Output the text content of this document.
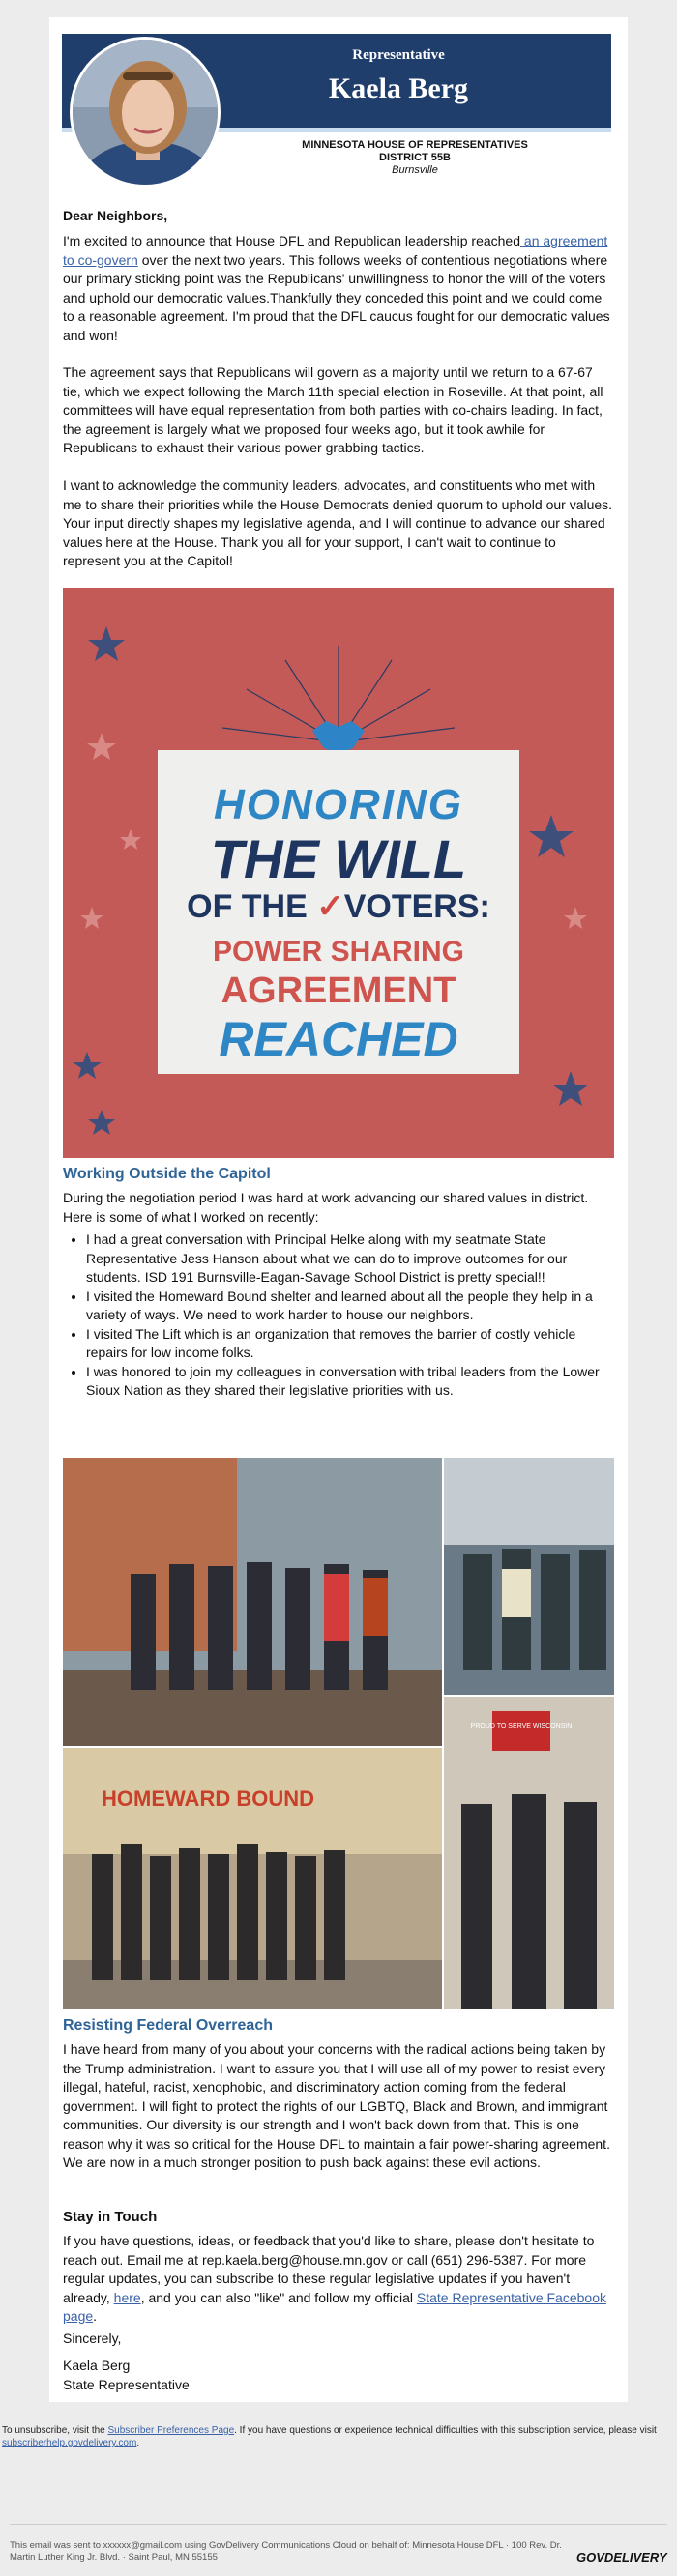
Representative
Kaela Berg
MINNESOTA HOUSE OF REPRESENTATIVES
DISTRICT 55B
Burnsville
Dear Neighbors,
I'm excited to announce that House DFL and Republican leadership reached an agreement to co-govern over the next two years. This follows weeks of contentious negotiations where our primary sticking point was the Republicans' unwillingness to honor the will of the voters and uphold our democratic values.Thankfully they conceded this point and we could come to a reasonable agreement. I'm proud that the DFL caucus fought for our democratic values and won!
The agreement says that Republicans will govern as a majority until we return to a 67-67 tie, which we expect following the March 11th special election in Roseville. At that point, all committees will have equal representation from both parties with co-chairs leading. In fact, the agreement is largely what we proposed four weeks ago, but it took awhile for Republicans to exhaust their various power grabbing tactics.
I want to acknowledge the community leaders, advocates, and constituents who met with me to share their priorities while the House Democrats denied quorum to uphold our values. Your input directly shapes my legislative agenda, and I will continue to advance our shared values here at the House. Thank you all for your support, I can't wait to continue to represent you at the Capitol!
Working Outside the Capitol
During the negotiation period I was hard at work advancing our shared values in district. Here is some of what I worked on recently:
• I had a great conversation with Principal Helke along with my seatmate State Representative Jess Hanson about what we can do to improve outcomes for our students. ISD 191 Burnsville-Eagan-Savage School District is pretty special!!
• I visited the Homeward Bound shelter and learned about all the people they help in a variety of ways. We need to work harder to house our neighbors.
• I visited The Lift which is an organization that removes the barrier of costly vehicle repairs for low income folks.
• I was honored to join my colleagues in conversation with tribal leaders from the Lower Sioux Nation as they shared their legislative priorities with us.
Resisting Federal Overreach
I have heard from many of you about your concerns with the radical actions being taken by the Trump administration. I want to assure you that I will use all of my power to resist every illegal, hateful, racist, xenophobic, and discriminatory action coming from the federal government. I will fight to protect the rights of our LGBTQ, Black and Brown, and immigrant communities. Our diversity is our strength and I won't back down from that. This is one reason why it was so critical for the House DFL to maintain a fair power-sharing agreement. We are now in a much stronger position to push back against these evil actions.
Stay in Touch
If you have questions, ideas, or feedback that you'd like to share, please don't hesitate to reach out. Email me at rep.kaela.berg@house.mn.gov or call (651) 296-5387. For more regular updates, you can subscribe to these regular legislative updates if you haven't already, here, and you can also "like" and follow my official State Representative Facebook page.
Sincerely,
Kaela Berg
State Representative
HONORING
THE WILL
OF THE ✓VOTERS:
POWER SHARING
AGREEMENT
REACHED
PROUD TO SERVE WISCONSIN
HOMEWARD BOUND
To unsubscribe, visit the Subscriber Preferences Page. If you have questions or experience technical difficulties with this subscription service, please visit subscriberhelp.govdelivery.com.
This email was sent to xxxxxx@gmail.com using GovDelivery Communications Cloud on behalf of: Minnesota House DFL · 100 Rev. Dr. Martin Luther King Jr. Blvd. · Saint Paul, MN 55155	GOVDELIVERY
